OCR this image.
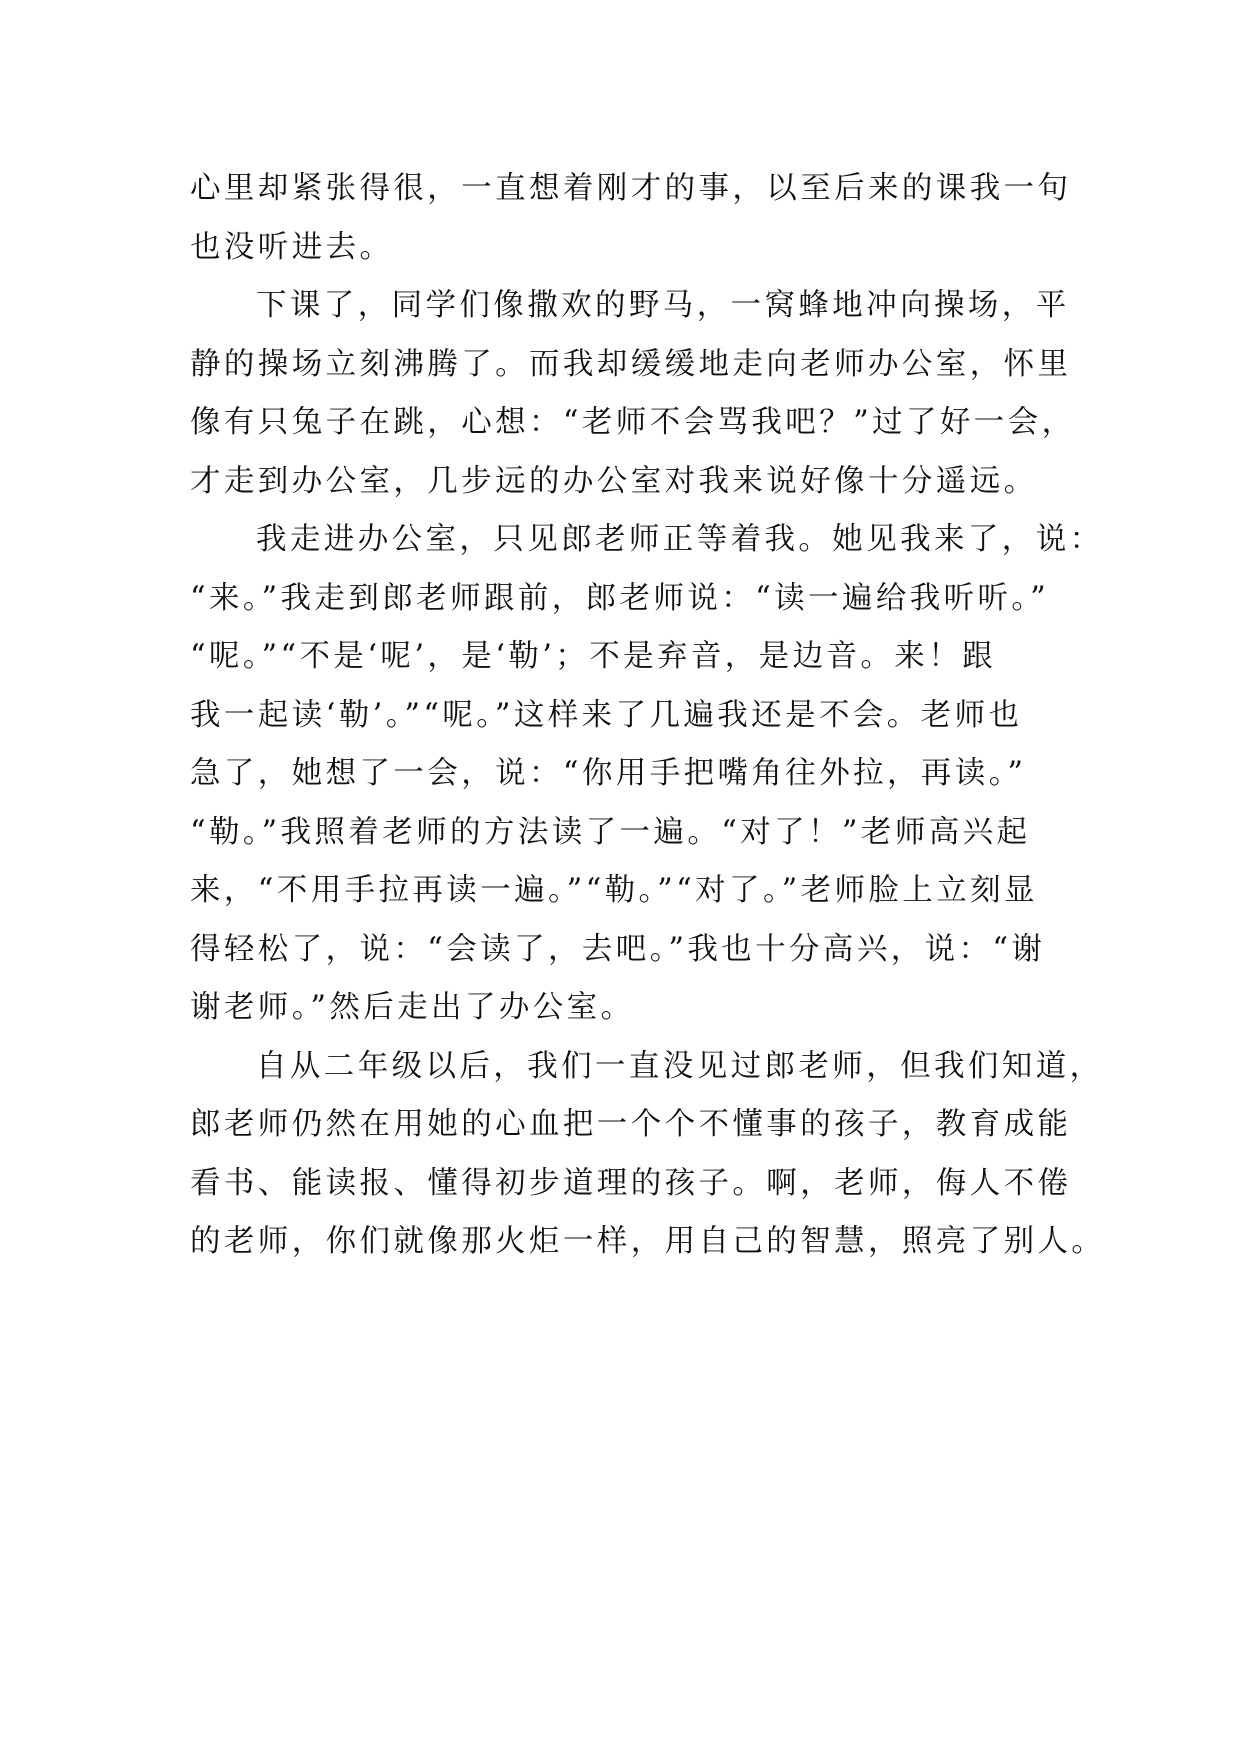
心里却紧张得很，一直想着刚才的事，以至后来的课我一句
也没听进去。
下课了，同学们像撒欢的野马，一窝蜂地冲向操场，平
静的操场立刻沸腾了。而我却缓缓地走向老师办公室，怀里
像有只兔子在跳，心想：“老师不会骂我吧？”过了好一会，
才走到办公室，几步远的办公室对我来说好像十分遥远。
我走进办公室，只见郎老师正等着我。她见我来了，说：
“来。”我走到郎老师跟前，郎老师说：“读一遍给我听听。”
“呢。”“不是‘呢’，是‘勒’；不是弃音，是边音。来！跟
我一起读‘勒’。”“呢。”这样来了几遍我还是不会。老师也
急了，她想了一会，说：“你用手把嘴角往外拉，再读。”
“勒。”我照着老师的方法读了一遍。“对了！”老师高兴起
来，“不用手拉再读一遍。”“勒。”“对了。”老师脸上立刻显
得轻松了，说：“会读了，去吧。”我也十分高兴，说：“谢
谢老师。”然后走出了办公室。
自从二年级以后，我们一直没见过郎老师，但我们知道，
郎老师仍然在用她的心血把一个个不懂事的孩子，教育成能
看书、能读报、懂得初步道理的孩子。啊，老师，侮人不倦
的老师，你们就像那火炬一样，用自己的智慧，照亮了别人。
